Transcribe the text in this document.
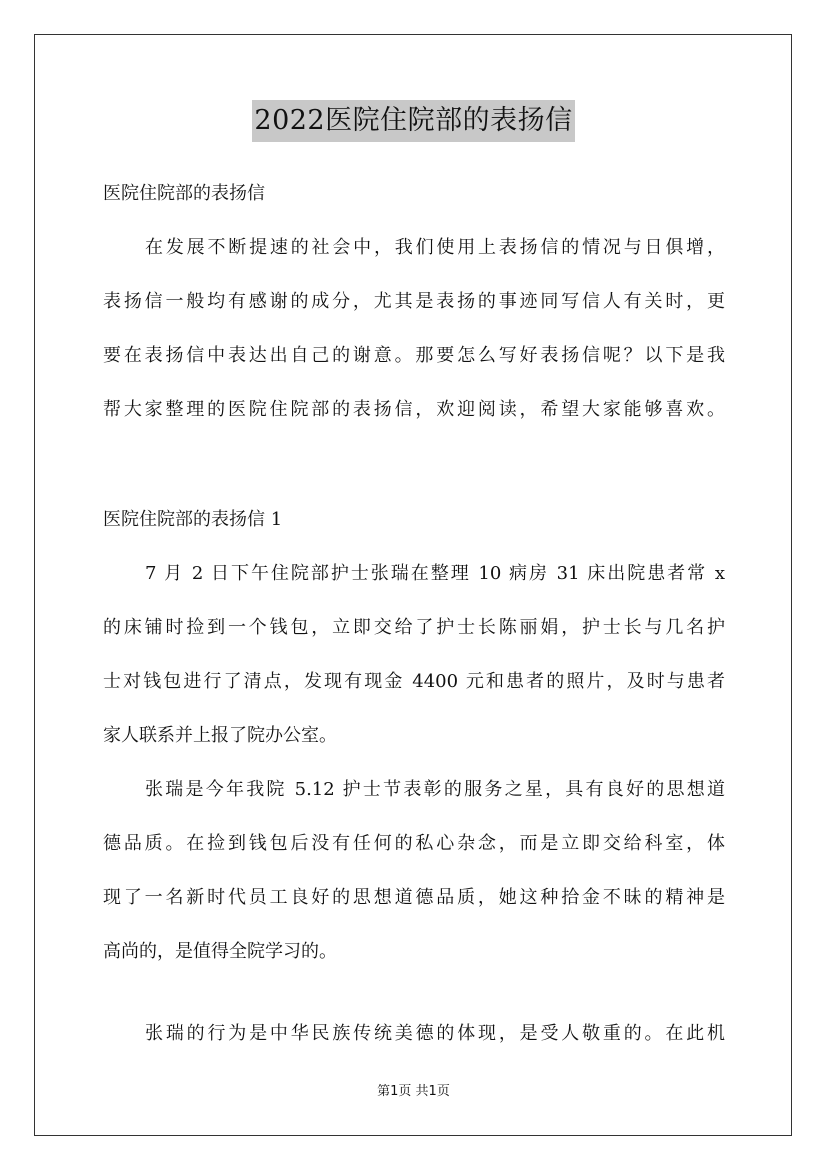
2022医院住院部的表扬信
医院住院部的表扬信
在发展不断提速的社会中，我们使用上表扬信的情况与日俱增，
表扬信一般均有感谢的成分，尤其是表扬的事迹同写信人有关时，更
要在表扬信中表达出自己的谢意。那要怎么写好表扬信呢？以下是我
帮大家整理的医院住院部的表扬信，欢迎阅读，希望大家能够喜欢。
医院住院部的表扬信 1
7 月 2 日下午住院部护士张瑞在整理 10 病房 31 床出院患者常 x
的床铺时捡到一个钱包，立即交给了护士长陈丽娟，护士长与几名护
士对钱包进行了清点，发现有现金 4400 元和患者的照片，及时与患者
家人联系并上报了院办公室。
张瑞是今年我院 5.12 护士节表彰的服务之星，具有良好的思想道
德品质。在捡到钱包后没有任何的私心杂念，而是立即交给科室，体
现了一名新时代员工良好的思想道德品质，她这种拾金不昧的精神是
高尚的，是值得全院学习的。
张瑞的行为是中华民族传统美德的体现，是受人敬重的。在此机
第1页 共1页
